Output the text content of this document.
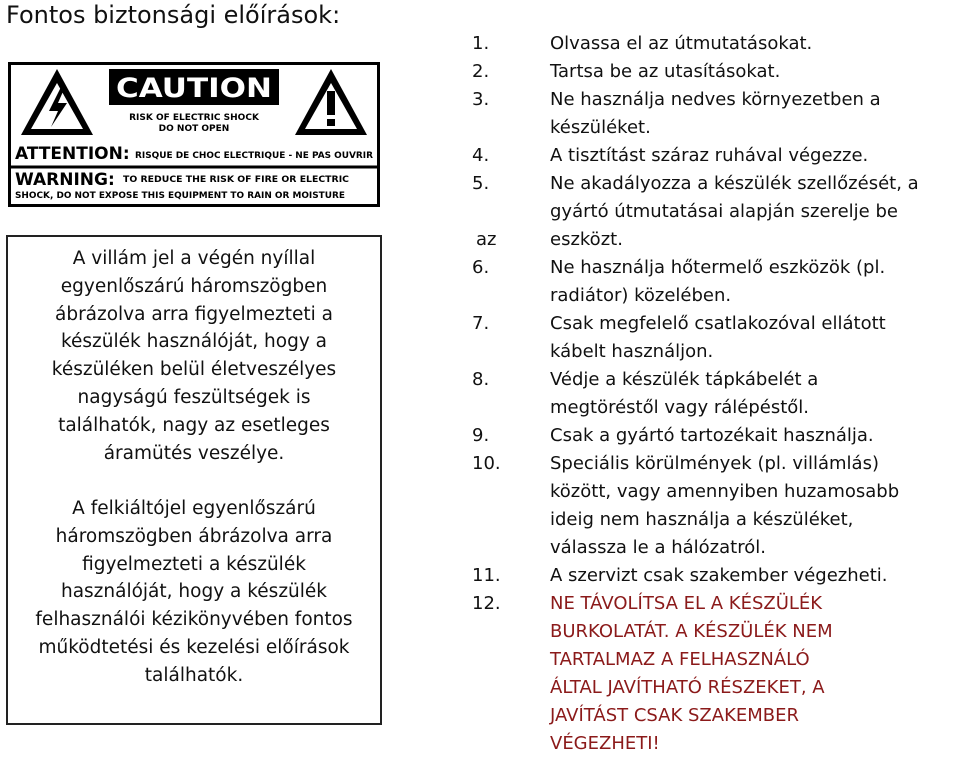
Fontos biztonsági előírások:
CAUTION
RISK OF ELECTRIC SHOCK
DO NOT OPEN
ATTENTION: RISQUE DE CHOC ELECTRIQUE - NE PAS OUVRIR
WARNING: TO REDUCE THE RISK OF FIRE OR ELECTRIC
SHOCK, DO NOT EXPOSE THIS EQUIPMENT TO RAIN OR MOISTURE
A villám jel a végén nyíllal
egyenlőszárú háromszögben
ábrázolva arra figyelmezteti a
készülék használóját, hogy a
készüléken belül életveszélyes
nagyságú feszültségek is
találhatók, nagy az esetleges
áramütés veszélye.
A felkiáltójel egyenlőszárú
háromszögben ábrázolva arra
figyelmezteti a készülék
használóját, hogy a készülék
felhasználói kézikönyvében fontos
működtetési és kezelési előírások
találhatók.
az
1.	Olvassa el az útmutatásokat.
2.	Tartsa be az utasításokat.
3.	Ne használja nedves környezetben a
készüléket.
4.	A tisztítást száraz ruhával végezze.
5.	Ne akadályozza a készülék szellőzését, a
gyártó útmutatásai alapján szerelje be
eszközt.
6.	Ne használja hőtermelő eszközök (pl.
radiátor) közelében.
7.	Csak megfelelő csatlakozóval ellátott
kábelt használjon.
8.	Védje a készülék tápkábelét a
megtöréstől vagy rálépéstől.
9.	Csak a gyártó tartozékait használja.
10.	Speciális körülmények (pl. villámlás)
között, vagy amennyiben huzamosabb
ideig nem használja a készüléket,
válassza le a hálózatról.
11.	A szervizt csak szakember végezheti.
12.	NE TÁVOLÍTSA EL A KÉSZÜLÉK
BURKOLATÁT. A KÉSZÜLÉK NEM
TARTALMAZ A FELHASZNÁLÓ
ÁLTAL JAVÍTHATÓ RÉSZEKET, A
JAVÍTÁST CSAK SZAKEMBER
VÉGEZHETI!
